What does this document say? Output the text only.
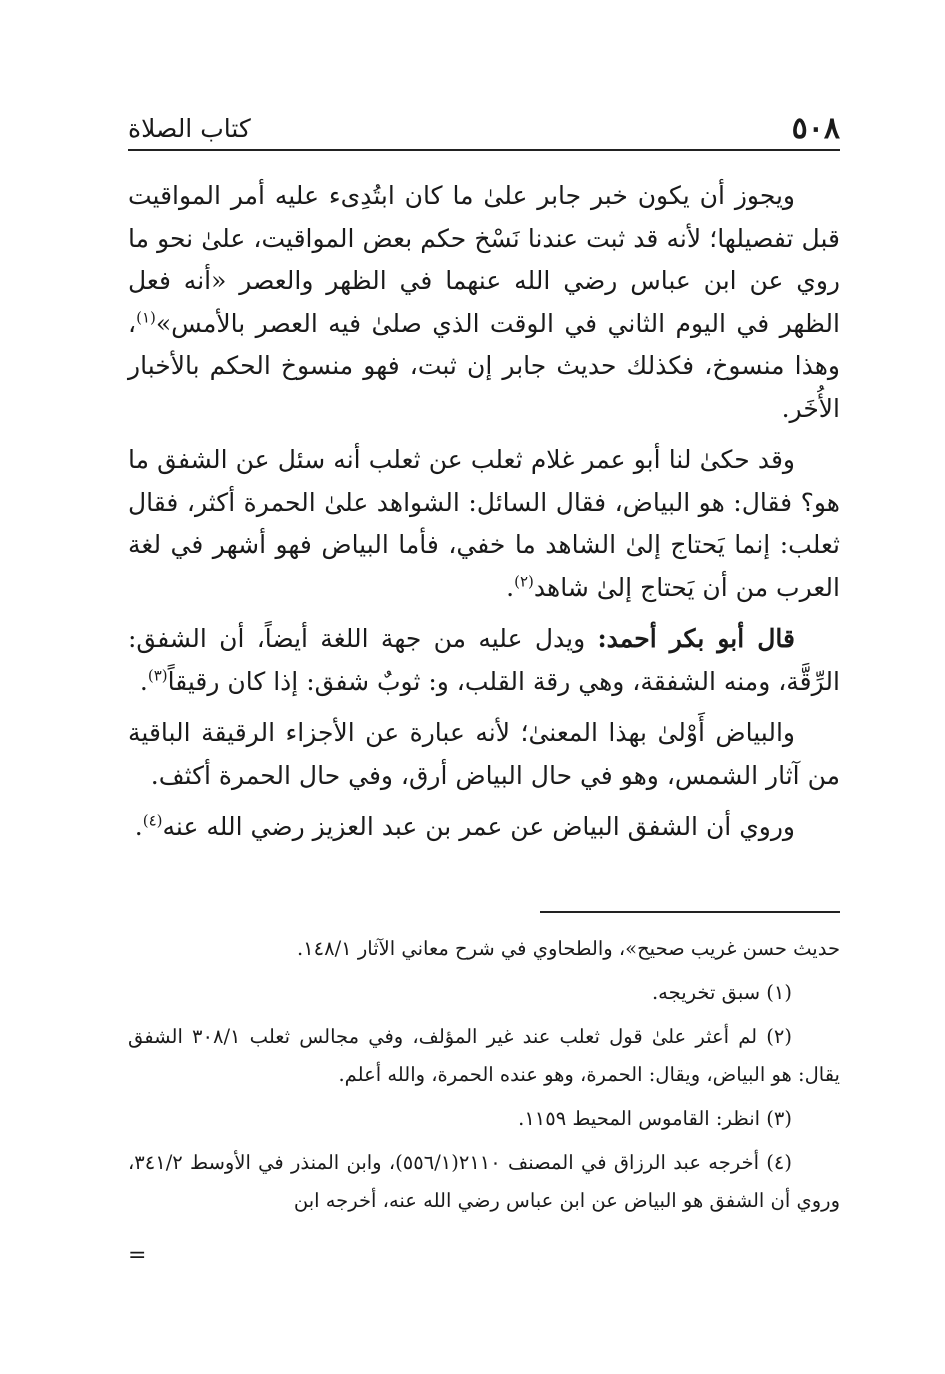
٥٠٨
كتاب الصلاة

ويجوز أن يكون خبر جابر علىٰ ما كان ابتُدِىء عليه أمر المواقيت قبل تفصيلها؛ لأنه قد ثبت عندنا نَسْخ حكم بعض المواقيت، علىٰ نحو ما روي عن ابن عباس رضي الله عنهما في الظهر والعصر «أنه فعل الظهر في اليوم الثاني في الوقت الذي صلىٰ فيه العصر بالأمس»$^{(١)}$، وهذا منسوخ، فكذلك حديث جابر إن ثبت، فهو منسوخ الحكم بالأخبار الأُخَر.

وقد حكىٰ لنا أبو عمر غلام ثعلب عن ثعلب أنه سئل عن الشفق ما هو؟ فقال: هو البياض، فقال السائل: الشواهد علىٰ الحمرة أكثر، فقال ثعلب: إنما يَحتاج إلىٰ الشاهد ما خفي، فأما البياض فهو أشهر في لغة العرب من أن يَحتاج إلىٰ شاهد$^{(٢)}$.

قال أبو بكر أحمد: ويدل عليه من جهة اللغة أيضاً، أن الشفق: الرِّقَّة، ومنه الشفقة، وهي رقة القلب، و: ثوبٌ شفق: إذا كان رقيقاً$^{(٣)}$.

والبياض أَوْلىٰ بهذا المعنىٰ؛ لأنه عبارة عن الأجزاء الرقيقة الباقية من آثار الشمس، وهو في حال البياض أرق، وفي حال الحمرة أكثف.

وروي أن الشفق البياض عن عمر بن عبد العزيز رضي الله عنه$^{(٤)}$.

حديث حسن غريب صحيح»، والطحاوي في شرح معاني الآثار ١٤٨/١.

(١) سبق تخريجه.

(٢) لم أعثر علىٰ قول ثعلب عند غير المؤلف، وفي مجالس ثعلب ٣٠٨/١ الشفق يقال: هو البياض، ويقال: الحمرة، وهو عنده الحمرة، والله أعلم.

(٣) انظر: القاموس المحيط ١١٥٩.

(٤) أخرجه عبد الرزاق في المصنف ٢١١٠(٥٥٦/١)، وابن المنذر في الأوسط ٣٤١/٢، وروي أن الشفق هو البياض عن ابن عباس رضي الله عنه، أخرجه ابن

=
